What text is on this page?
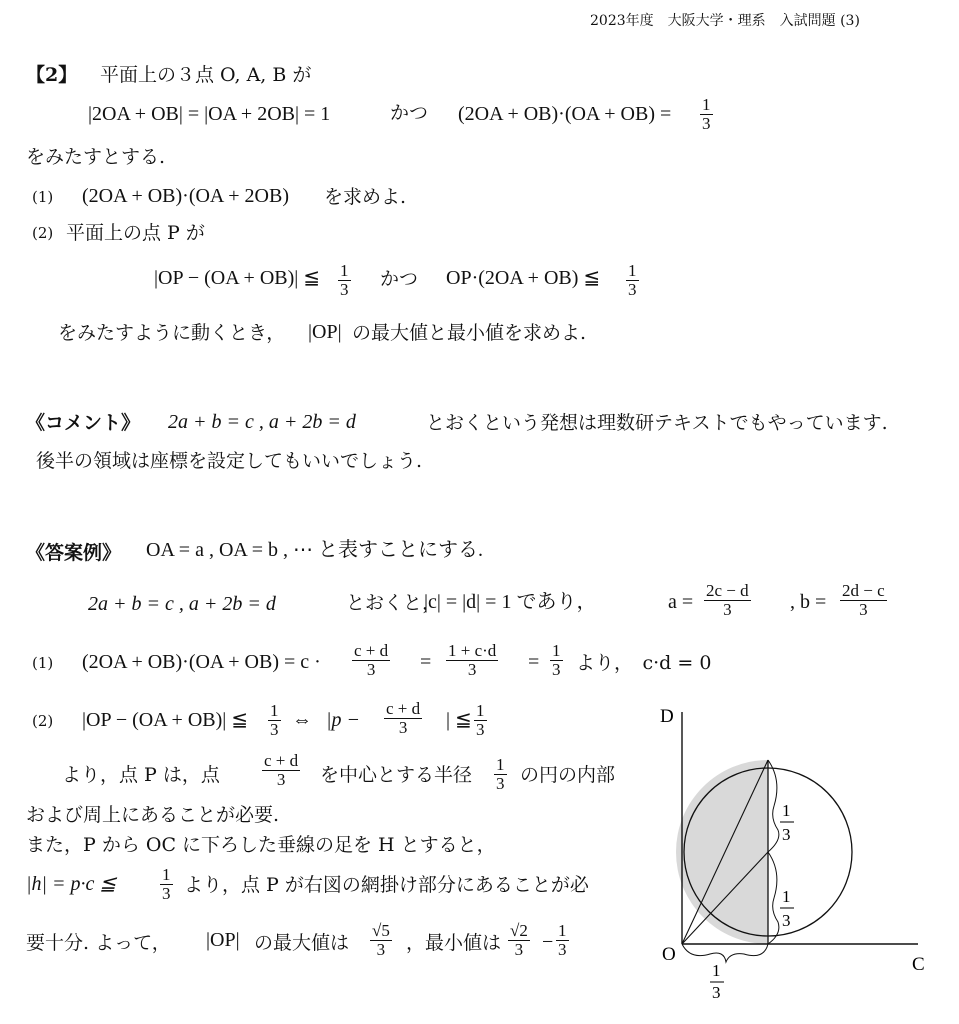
2023年度　大阪大学・理系　入試問題 (3)
【2】 平面上の３点 O, A, B が
|2OA + OB| = |OA + 2OB| = 1	かつ $(2OA + OB)\cdot(OA + OB) = \frac{1}{3}$
をみたすとする.
(1) (2OA + OB)·(OA + 2OB) を求めよ.
(2) 平面上の点 P が
|OP − (OA + OB)| ≦ $\frac{1}{3}$ かつ OP·(2OA + OB) ≦ $\frac{1}{3}$
をみたすように動くとき， |OP| の最大値と最小値を求めよ.
《コメント》 2a + b = c , a + 2b = d	とおくという発想は理数研テキストでもやっています.
後半の領域は座標を設定してもいいでしょう.
《答案例》 OA = a , OA = b , ⋯ と表すことにする.
2a + b = c , a + 2b = d	とおくと，
|c| = |d| = 1 であり，	$a = \frac{2c - d}{3}$ , $b = \frac{2d - c}{3}$
(1) $(2OA + OB)\cdot(OA + OB) = c \cdot \frac{c + d}{3} = \frac{1 + c\cdot d}{3} = \frac{1}{3}$ より，　c·d = 0
(2) |OP − (OA + OB)| ≦ $\frac{1}{3}$ ⇔ $|p - \frac{c + d}{3}$ | ≦ $\frac{1}{3}$
より，点 P は，点 $\frac{c + d}{3}$ を中心とする半径 $\frac{1}{3}$ の円の内部
および周上にあることが必要.
また，P から OC に下ろした垂線の足を H とすると，
|h| = p·c ≦	$\frac{1}{3}$ より，点 P が右図の網掛け部分にあることが必
要十分. よって， |OP| の最大値は $\frac{√5}{3}$ ，最小値は $\frac{√2}{3} - \frac{1}{3}$
D
O	C
1
3
1
3
1
3
